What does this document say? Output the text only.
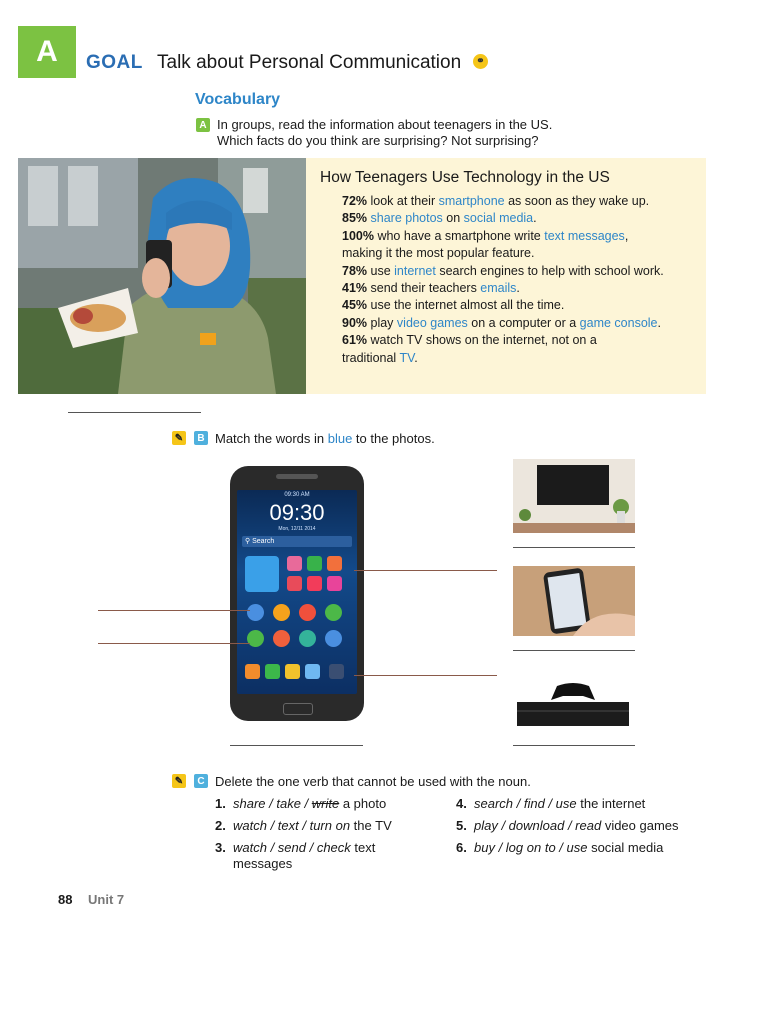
A	GOAL Talk about Personal Communication	⚭
Vocabulary
A In groups, read the information about teenagers in the US.
Which facts do you think are surprising? Not surprising?
How Teenagers Use Technology in the US
72% look at their smartphone as soon as they wake up.
85% share photos on social media.
100% who have a smartphone write text messages,
making it the most popular feature.
78% use internet search engines to help with school work.
41% send their teachers emails.
45% use the internet almost all the time.
90% play video games on a computer or a game console.
61% watch TV shows on the internet, not on a
traditional TV.
✎	B Match the words in blue to the photos.
09:30 AM
09:30
Mon, 12/11 2014
⚲ Search
✎	C Delete the one verb that cannot be used with the noun.
1. share / take / write a photo
2. watch / text / turn on the TV
3. watch / send / check text
messages
4. search / find / use the internet
5. play / download / read video games
6. buy / log on to / use social media
88 Unit 7
